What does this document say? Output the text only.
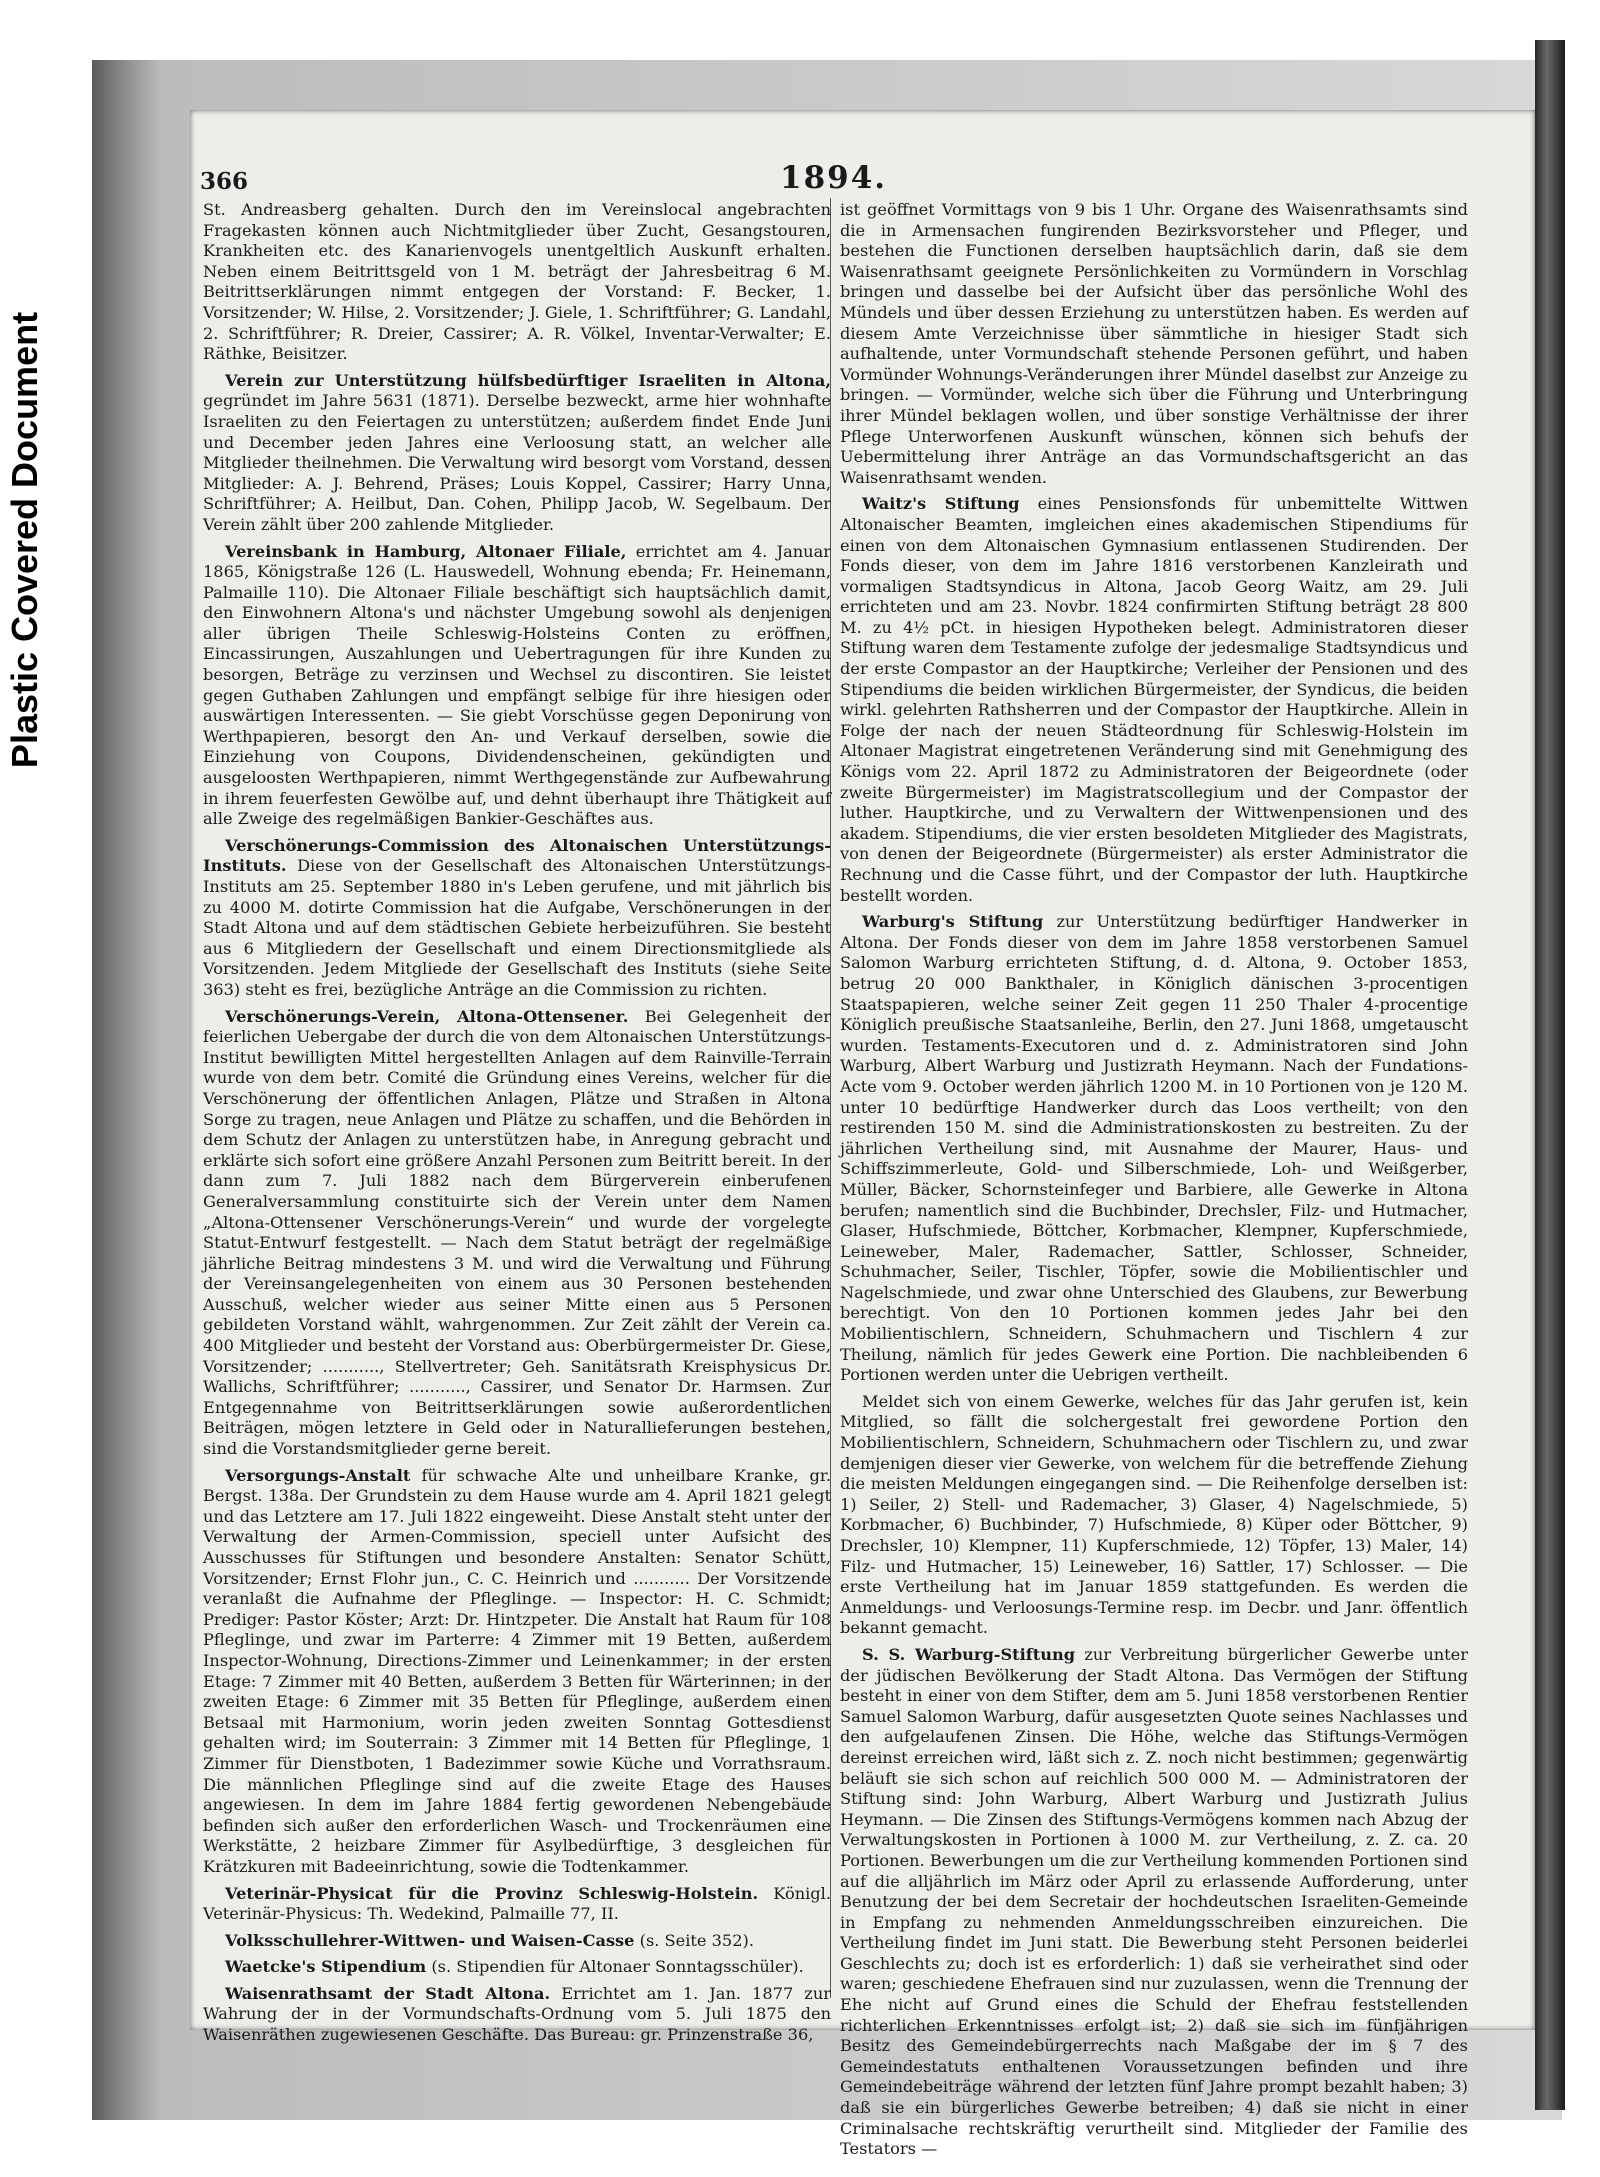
Plastic Covered Document
366	1894.

St. Andreasberg gehalten. Durch den im Vereinslocal angebrachten Fragekasten können auch Nichtmitglieder über Zucht, Gesangstouren, Krankheiten etc. des Kanarienvogels unentgeltlich Auskunft erhalten. Neben einem Beitrittsgeld von 1 M. beträgt der Jahresbeitrag 6 M. Beitrittserklärungen nimmt entgegen der Vorstand: F. Becker, 1. Vorsitzender; W. Hilse, 2. Vorsitzender; J. Giele, 1. Schriftführer; G. Landahl, 2. Schriftführer; R. Dreier, Cassirer; A. R. Völkel, Inventar-Verwalter; E. Räthke, Beisitzer.

Verein zur Unterstützung hülfsbedürftiger Israeliten in Altona, gegründet im Jahre 5631 (1871). Derselbe bezweckt, arme hier wohnhafte Israeliten zu den Feiertagen zu unterstützen; außerdem findet Ende Juni und December jeden Jahres eine Verloosung statt, an welcher alle Mitglieder theilnehmen. Die Verwaltung wird besorgt vom Vorstand, dessen Mitglieder: A. J. Behrend, Präses; Louis Koppel, Cassirer; Harry Unna, Schriftführer; A. Heilbut, Dan. Cohen, Philipp Jacob, W. Segelbaum. Der Verein zählt über 200 zahlende Mitglieder.

Vereinsbank in Hamburg, Altonaer Filiale, errichtet am 4. Januar 1865, Königstraße 126 (L. Hauswedell, Wohnung ebenda; Fr. Heinemann, Palmaille 110). Die Altonaer Filiale beschäftigt sich hauptsächlich damit, den Einwohnern Altona's und nächster Umgebung sowohl als denjenigen aller übrigen Theile Schleswig-Holsteins Conten zu eröffnen, Eincassirungen, Auszahlungen und Uebertragungen für ihre Kunden zu besorgen, Beträge zu verzinsen und Wechsel zu discontiren. Sie leistet gegen Guthaben Zahlungen und empfängt selbige für ihre hiesigen oder auswärtigen Interessenten. — Sie giebt Vorschüsse gegen Deponirung von Werthpapieren, besorgt den An- und Verkauf derselben, sowie die Einziehung von Coupons, Dividendenscheinen, gekündigten und ausgeloosten Werthpapieren, nimmt Werthgegenstände zur Aufbewahrung in ihrem feuerfesten Gewölbe auf, und dehnt überhaupt ihre Thätigkeit auf alle Zweige des regelmäßigen Bankier-Geschäftes aus.

Verschönerungs-Commission des Altonaischen Unterstützungs-Instituts. Diese von der Gesellschaft des Altonaischen Unterstützungs-Instituts am 25. September 1880 in's Leben gerufene, und mit jährlich bis zu 4000 M. dotirte Commission hat die Aufgabe, Verschönerungen in der Stadt Altona und auf dem städtischen Gebiete herbeizuführen. Sie besteht aus 6 Mitgliedern der Gesellschaft und einem Directionsmitgliede als Vorsitzenden. Jedem Mitgliede der Gesellschaft des Instituts (siehe Seite 363) steht es frei, bezügliche Anträge an die Commission zu richten.

Verschönerungs-Verein, Altona-Ottensener. Bei Gelegenheit der feierlichen Uebergabe der durch die von dem Altonaischen Unterstützungs-Institut bewilligten Mittel hergestellten Anlagen auf dem Rainville-Terrain wurde von dem betr. Comité die Gründung eines Vereins, welcher für die Verschönerung der öffentlichen Anlagen, Plätze und Straßen in Altona Sorge zu tragen, neue Anlagen und Plätze zu schaffen, und die Behörden in dem Schutz der Anlagen zu unterstützen habe, in Anregung gebracht und erklärte sich sofort eine größere Anzahl Personen zum Beitritt bereit. In der dann zum 7. Juli 1882 nach dem Bürgerverein einberufenen Generalversammlung constituirte sich der Verein unter dem Namen „Altona-Ottensener Verschönerungs-Verein“ und wurde der vorgelegte Statut-Entwurf festgestellt. — Nach dem Statut beträgt der regelmäßige jährliche Beitrag mindestens 3 M. und wird die Verwaltung und Führung der Vereinsangelegenheiten von einem aus 30 Personen bestehenden Ausschuß, welcher wieder aus seiner Mitte einen aus 5 Personen gebildeten Vorstand wählt, wahrgenommen. Zur Zeit zählt der Verein ca. 400 Mitglieder und besteht der Vorstand aus: Oberbürgermeister Dr. Giese, Vorsitzender; ..........., Stellvertreter; Geh. Sanitätsrath Kreisphysicus Dr. Wallichs, Schriftführer; ..........., Cassirer, und Senator Dr. Harmsen. Zur Entgegennahme von Beitrittserklärungen sowie außerordentlichen Beiträgen, mögen letztere in Geld oder in Naturallieferungen bestehen, sind die Vorstandsmitglieder gerne bereit.

Versorgungs-Anstalt für schwache Alte und unheilbare Kranke, gr. Bergst. 138a. Der Grundstein zu dem Hause wurde am 4. April 1821 gelegt und das Letztere am 17. Juli 1822 eingeweiht. Diese Anstalt steht unter der Verwaltung der Armen-Commission, speciell unter Aufsicht des Ausschusses für Stiftungen und besondere Anstalten: Senator Schütt, Vorsitzender; Ernst Flohr jun., C. C. Heinrich und ........... Der Vorsitzende veranlaßt die Aufnahme der Pfleglinge. — Inspector: H. C. Schmidt; Prediger: Pastor Köster; Arzt: Dr. Hintzpeter. Die Anstalt hat Raum für 108 Pfleglinge, und zwar im Parterre: 4 Zimmer mit 19 Betten, außerdem Inspector-Wohnung, Directions-Zimmer und Leinenkammer; in der ersten Etage: 7 Zimmer mit 40 Betten, außerdem 3 Betten für Wärterinnen; in der zweiten Etage: 6 Zimmer mit 35 Betten für Pfleglinge, außerdem einen Betsaal mit Harmonium, worin jeden zweiten Sonntag Gottesdienst gehalten wird; im Souterrain: 3 Zimmer mit 14 Betten für Pfleglinge, 1 Zimmer für Dienstboten, 1 Badezimmer sowie Küche und Vorrathsraum. Die männlichen Pfleglinge sind auf die zweite Etage des Hauses angewiesen. In dem im Jahre 1884 fertig gewordenen Nebengebäude befinden sich außer den erforderlichen Wasch- und Trockenräumen eine Werkstätte, 2 heizbare Zimmer für Asylbedürftige, 3 desgleichen für Krätzkuren mit Badeeinrichtung, sowie die Todtenkammer.

Veterinär-Physicat für die Provinz Schleswig-Holstein. Königl. Veterinär-Physicus: Th. Wedekind, Palmaille 77, II.

Volksschullehrer-Wittwen- und Waisen-Casse (s. Seite 352).

Waetcke's Stipendium (s. Stipendien für Altonaer Sonntagsschüler).

Waisenrathsamt der Stadt Altona. Errichtet am 1. Jan. 1877 zur Wahrung der in der Vormundschafts-Ordnung vom 5. Juli 1875 den Waisenräthen zugewiesenen Geschäfte. Das Bureau: gr. Prinzenstraße 36,

ist geöffnet Vormittags von 9 bis 1 Uhr. Organe des Waisenrathsamts sind die in Armensachen fungirenden Bezirksvorsteher und Pfleger, und bestehen die Functionen derselben hauptsächlich darin, daß sie dem Waisenrathsamt geeignete Persönlichkeiten zu Vormündern in Vorschlag bringen und dasselbe bei der Aufsicht über das persönliche Wohl des Mündels und über dessen Erziehung zu unterstützen haben. Es werden auf diesem Amte Verzeichnisse über sämmtliche in hiesiger Stadt sich aufhaltende, unter Vormundschaft stehende Personen geführt, und haben Vormünder Wohnungs-Veränderungen ihrer Mündel daselbst zur Anzeige zu bringen. — Vormünder, welche sich über die Führung und Unterbringung ihrer Mündel beklagen wollen, und über sonstige Verhältnisse der ihrer Pflege Unterworfenen Auskunft wünschen, können sich behufs der Uebermittelung ihrer Anträge an das Vormundschaftsgericht an das Waisenrathsamt wenden.

Waitz's Stiftung eines Pensionsfonds für unbemittelte Wittwen Altonaischer Beamten, imgleichen eines akademischen Stipendiums für einen von dem Altonaischen Gymnasium entlassenen Studirenden. Der Fonds dieser, von dem im Jahre 1816 verstorbenen Kanzleirath und vormaligen Stadtsyndicus in Altona, Jacob Georg Waitz, am 29. Juli errichteten und am 23. Novbr. 1824 confirmirten Stiftung beträgt 28 800 M. zu 4½ pCt. in hiesigen Hypotheken belegt. Administratoren dieser Stiftung waren dem Testamente zufolge der jedesmalige Stadtsyndicus und der erste Compastor an der Hauptkirche; Verleiher der Pensionen und des Stipendiums die beiden wirklichen Bürgermeister, der Syndicus, die beiden wirkl. gelehrten Rathsherren und der Compastor der Hauptkirche. Allein in Folge der nach der neuen Städteordnung für Schleswig-Holstein im Altonaer Magistrat eingetretenen Veränderung sind mit Genehmigung des Königs vom 22. April 1872 zu Administratoren der Beigeordnete (oder zweite Bürgermeister) im Magistratscollegium und der Compastor der luther. Hauptkirche, und zu Verwaltern der Wittwenpensionen und des akadem. Stipendiums, die vier ersten besoldeten Mitglieder des Magistrats, von denen der Beigeordnete (Bürgermeister) als erster Administrator die Rechnung und die Casse führt, und der Compastor der luth. Hauptkirche bestellt worden.

Warburg's Stiftung zur Unterstützung bedürftiger Handwerker in Altona. Der Fonds dieser von dem im Jahre 1858 verstorbenen Samuel Salomon Warburg errichteten Stiftung, d. d. Altona, 9. October 1853, betrug 20 000 Bankthaler, in Königlich dänischen 3-procentigen Staatspapieren, welche seiner Zeit gegen 11 250 Thaler 4-procentige Königlich preußische Staatsanleihe, Berlin, den 27. Juni 1868, umgetauscht wurden. Testaments-Executoren und d. z. Administratoren sind John Warburg, Albert Warburg und Justizrath Heymann. Nach der Fundations-Acte vom 9. October werden jährlich 1200 M. in 10 Portionen von je 120 M. unter 10 bedürftige Handwerker durch das Loos vertheilt; von den restirenden 150 M. sind die Administrationskosten zu bestreiten. Zu der jährlichen Vertheilung sind, mit Ausnahme der Maurer, Haus- und Schiffszimmerleute, Gold- und Silberschmiede, Loh- und Weißgerber, Müller, Bäcker, Schornsteinfeger und Barbiere, alle Gewerke in Altona berufen; namentlich sind die Buchbinder, Drechsler, Filz- und Hutmacher, Glaser, Hufschmiede, Böttcher, Korbmacher, Klempner, Kupferschmiede, Leineweber, Maler, Rademacher, Sattler, Schlosser, Schneider, Schuhmacher, Seiler, Tischler, Töpfer, sowie die Mobilientischler und Nagelschmiede, und zwar ohne Unterschied des Glaubens, zur Bewerbung berechtigt. Von den 10 Portionen kommen jedes Jahr bei den Mobilientischlern, Schneidern, Schuhmachern und Tischlern 4 zur Theilung, nämlich für jedes Gewerk eine Portion. Die nachbleibenden 6 Portionen werden unter die Uebrigen vertheilt.

Meldet sich von einem Gewerke, welches für das Jahr gerufen ist, kein Mitglied, so fällt die solchergestalt frei gewordene Portion den Mobilientischlern, Schneidern, Schuhmachern oder Tischlern zu, und zwar demjenigen dieser vier Gewerke, von welchem für die betreffende Ziehung die meisten Meldungen eingegangen sind. — Die Reihenfolge derselben ist: 1) Seiler, 2) Stell- und Rademacher, 3) Glaser, 4) Nagelschmiede, 5) Korbmacher, 6) Buchbinder, 7) Hufschmiede, 8) Küper oder Böttcher, 9) Drechsler, 10) Klempner, 11) Kupferschmiede, 12) Töpfer, 13) Maler, 14) Filz- und Hutmacher, 15) Leineweber, 16) Sattler, 17) Schlosser. — Die erste Vertheilung hat im Januar 1859 stattgefunden. Es werden die Anmeldungs- und Verloosungs-Termine resp. im Decbr. und Janr. öffentlich bekannt gemacht.

S. S. Warburg-Stiftung zur Verbreitung bürgerlicher Gewerbe unter der jüdischen Bevölkerung der Stadt Altona. Das Vermögen der Stiftung besteht in einer von dem Stifter, dem am 5. Juni 1858 verstorbenen Rentier Samuel Salomon Warburg, dafür ausgesetzten Quote seines Nachlasses und den aufgelaufenen Zinsen. Die Höhe, welche das Stiftungs-Vermögen dereinst erreichen wird, läßt sich z. Z. noch nicht bestimmen; gegenwärtig beläuft sie sich schon auf reichlich 500 000 M. — Administratoren der Stiftung sind: John Warburg, Albert Warburg und Justizrath Julius Heymann. — Die Zinsen des Stiftungs-Vermögens kommen nach Abzug der Verwaltungskosten in Portionen à 1000 M. zur Vertheilung, z. Z. ca. 20 Portionen. Bewerbungen um die zur Vertheilung kommenden Portionen sind auf die alljährlich im März oder April zu erlassende Aufforderung, unter Benutzung der bei dem Secretair der hochdeutschen Israeliten-Gemeinde in Empfang zu nehmenden Anmeldungsschreiben einzureichen. Die Vertheilung findet im Juni statt. Die Bewerbung steht Personen beiderlei Geschlechts zu; doch ist es erforderlich: 1) daß sie verheirathet sind oder waren; geschiedene Ehefrauen sind nur zuzulassen, wenn die Trennung der Ehe nicht auf Grund eines die Schuld der Ehefrau feststellenden richterlichen Erkenntnisses erfolgt ist; 2) daß sie sich im fünfjährigen Besitz des Gemeindebürgerrechts nach Maßgabe der im § 7 des Gemeindestatuts enthaltenen Voraussetzungen befinden und ihre Gemeindebeiträge während der letzten fünf Jahre prompt bezahlt haben; 3) daß sie ein bürgerliches Gewerbe betreiben; 4) daß sie nicht in einer Criminalsache rechtskräftig verurtheilt sind. Mitglieder der Familie des Testators —
